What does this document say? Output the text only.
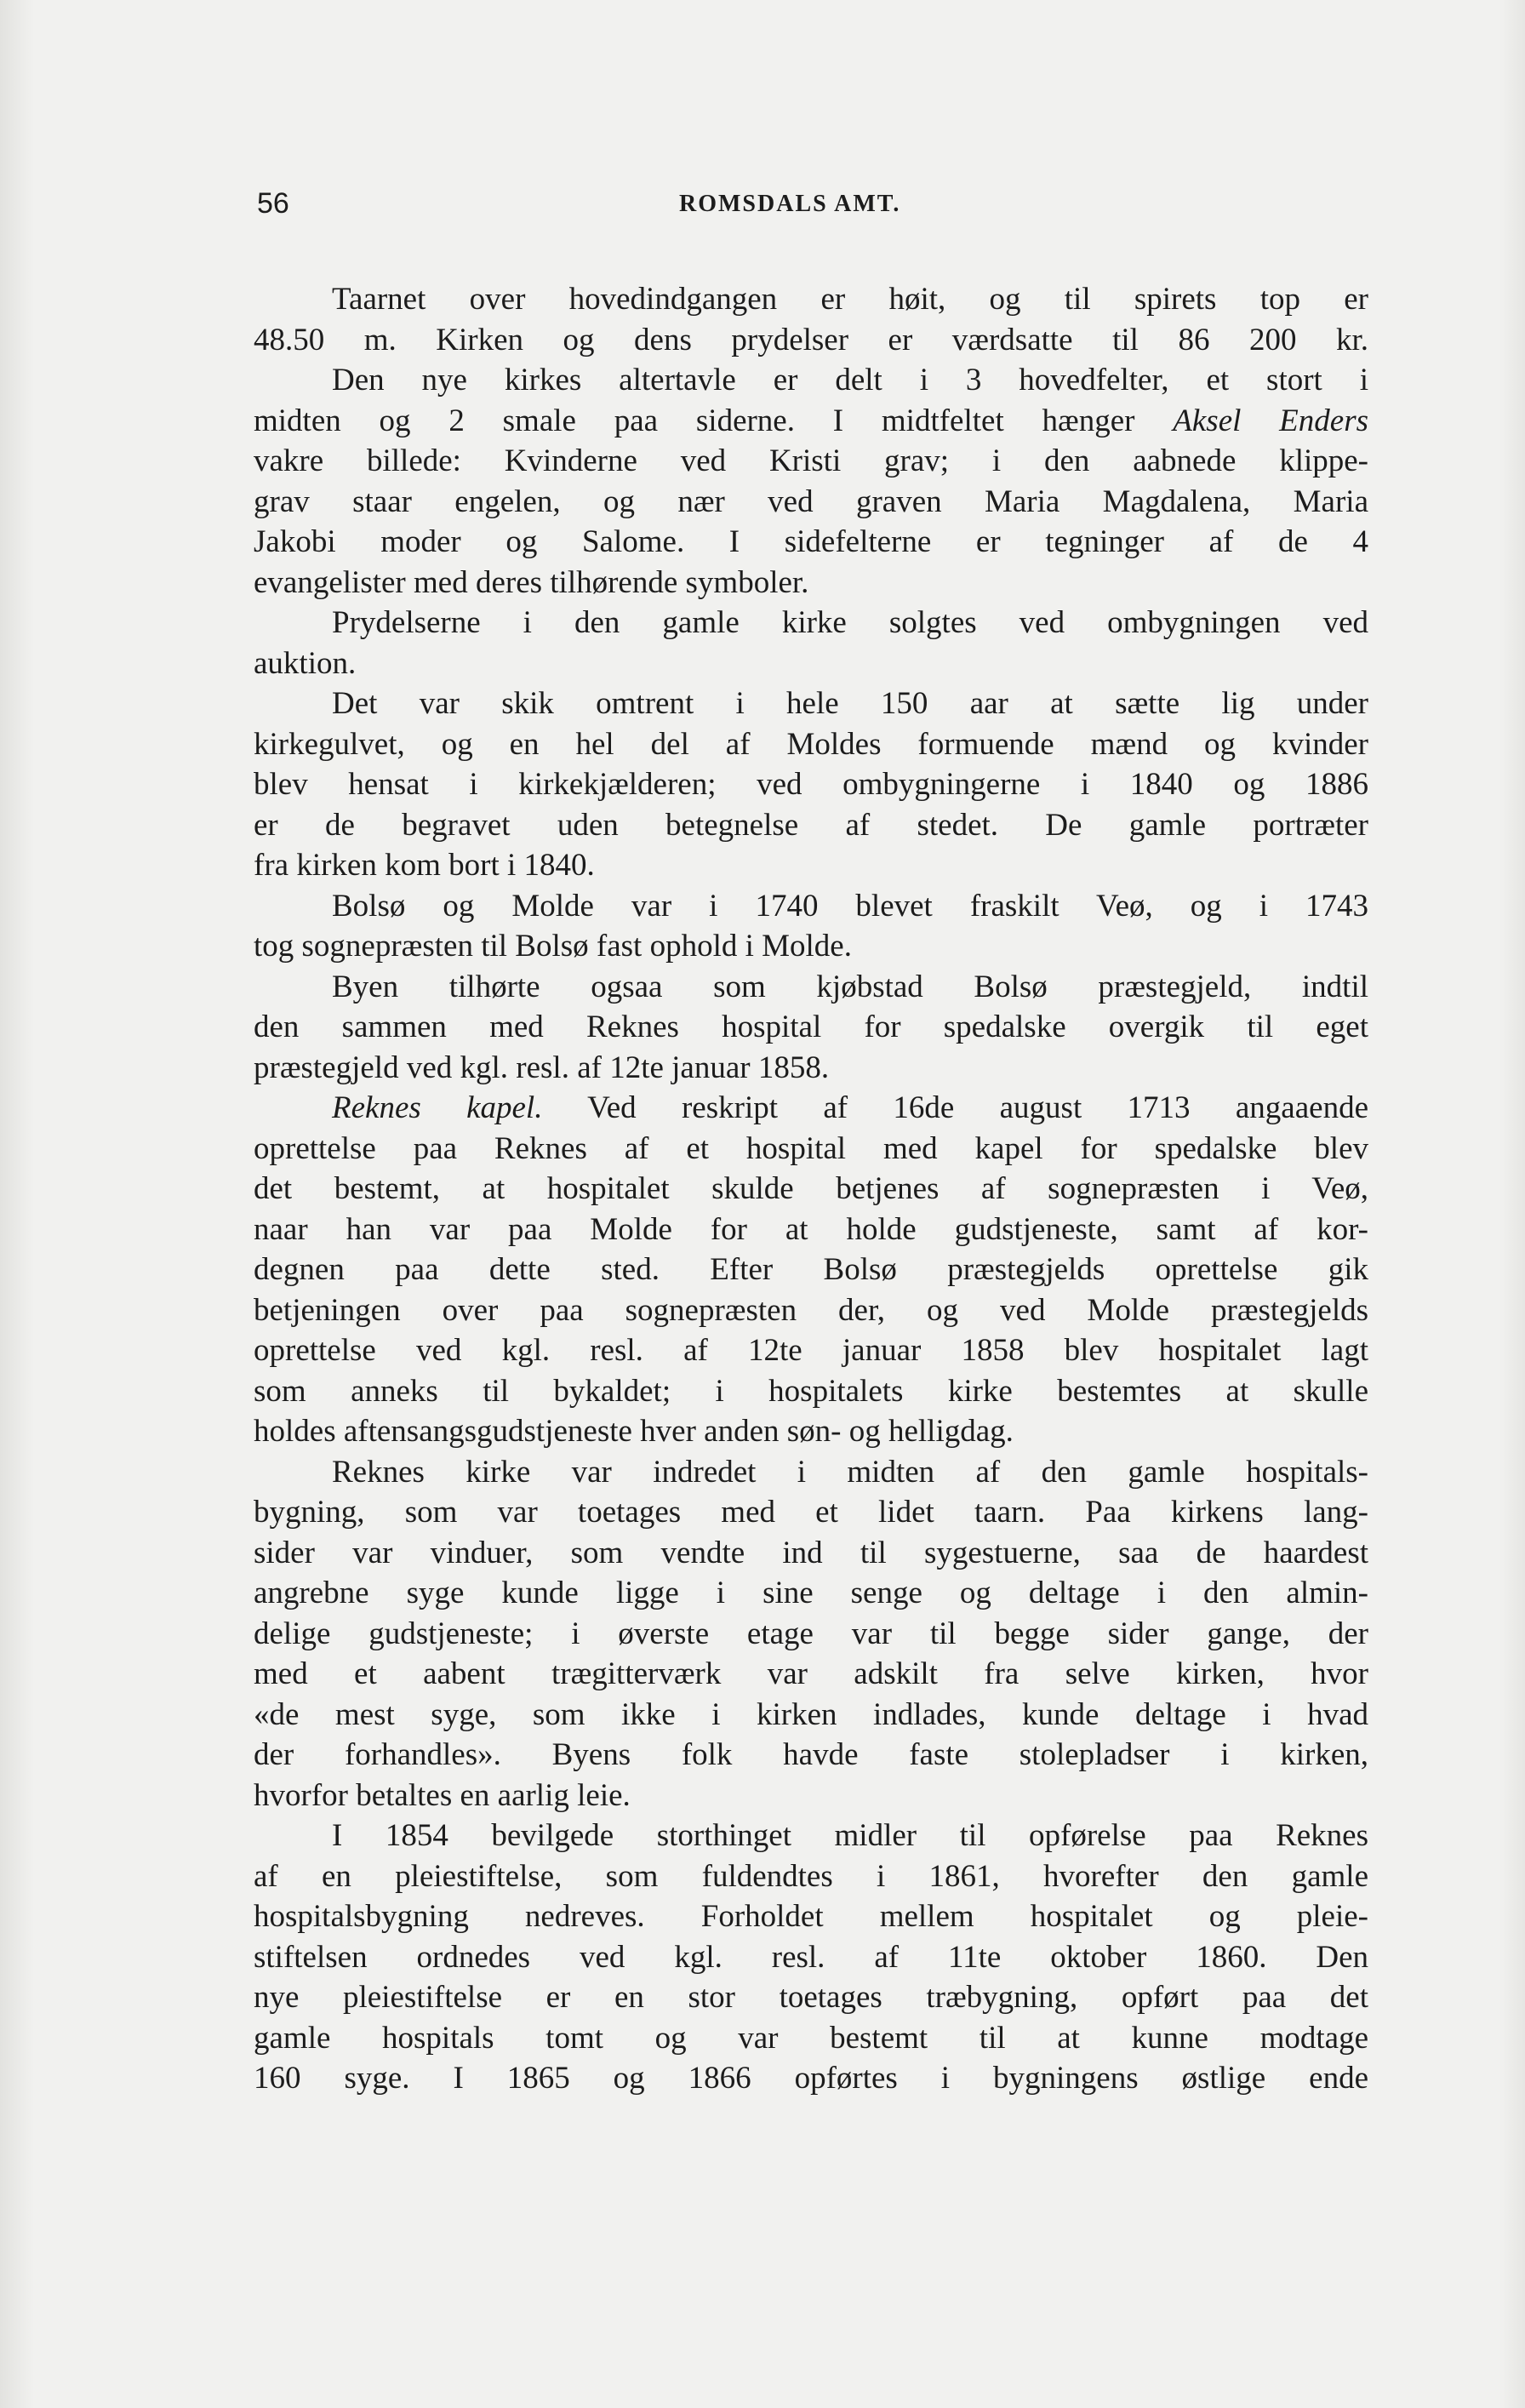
56	ROMSDALS AMT.
Taarnet over hovedindgangen er høit, og til spirets top er
48.50 m. Kirken og dens prydelser er værdsatte til 86 200 kr.
Den nye kirkes altertavle er delt i 3 hovedfelter, et stort i
midten og 2 smale paa siderne. I midtfeltet hænger Aksel Enders
vakre billede: Kvinderne ved Kristi grav; i den aabnede klippe-
grav staar engelen, og nær ved graven Maria Magdalena, Maria
Jakobi moder og Salome. I sidefelterne er tegninger af de 4
evangelister med deres tilhørende symboler.
Prydelserne i den gamle kirke solgtes ved ombygningen ved
auktion.
Det var skik omtrent i hele 150 aar at sætte lig under
kirkegulvet, og en hel del af Moldes formuende mænd og kvinder
blev hensat i kirkekjælderen; ved ombygningerne i 1840 og 1886
er de begravet uden betegnelse af stedet. De gamle portræter
fra kirken kom bort i 1840.
Bolsø og Molde var i 1740 blevet fraskilt Veø, og i 1743
tog sognepræsten til Bolsø fast ophold i Molde.
Byen tilhørte ogsaa som kjøbstad Bolsø præstegjeld, indtil
den sammen med Reknes hospital for spedalske overgik til eget
præstegjeld ved kgl. resl. af 12te januar 1858.
Reknes kapel. Ved reskript af 16de august 1713 angaaende
oprettelse paa Reknes af et hospital med kapel for spedalske blev
det bestemt, at hospitalet skulde betjenes af sognepræsten i Veø,
naar han var paa Molde for at holde gudstjeneste, samt af kor-
degnen paa dette sted. Efter Bolsø præstegjelds oprettelse gik
betjeningen over paa sognepræsten der, og ved Molde præstegjelds
oprettelse ved kgl. resl. af 12te januar 1858 blev hospitalet lagt
som anneks til bykaldet; i hospitalets kirke bestemtes at skulle
holdes aftensangsgudstjeneste hver anden søn- og helligdag.
Reknes kirke var indredet i midten af den gamle hospitals-
bygning, som var toetages med et lidet taarn. Paa kirkens lang-
sider var vinduer, som vendte ind til sygestuerne, saa de haardest
angrebne syge kunde ligge i sine senge og deltage i den almin-
delige gudstjeneste; i øverste etage var til begge sider gange, der
med et aabent trægitterværk var adskilt fra selve kirken, hvor
«de mest syge, som ikke i kirken indlades, kunde deltage i hvad
der forhandles». Byens folk havde faste stolepladser i kirken,
hvorfor betaltes en aarlig leie.
I 1854 bevilgede storthinget midler til opførelse paa Reknes
af en pleiestiftelse, som fuldendtes i 1861, hvorefter den gamle
hospitalsbygning nedreves. Forholdet mellem hospitalet og pleie-
stiftelsen ordnedes ved kgl. resl. af 11te oktober 1860. Den
nye pleiestiftelse er en stor toetages træbygning, opført paa det
gamle hospitals tomt og var bestemt til at kunne modtage
160 syge. I 1865 og 1866 opførtes i bygningens østlige ende
